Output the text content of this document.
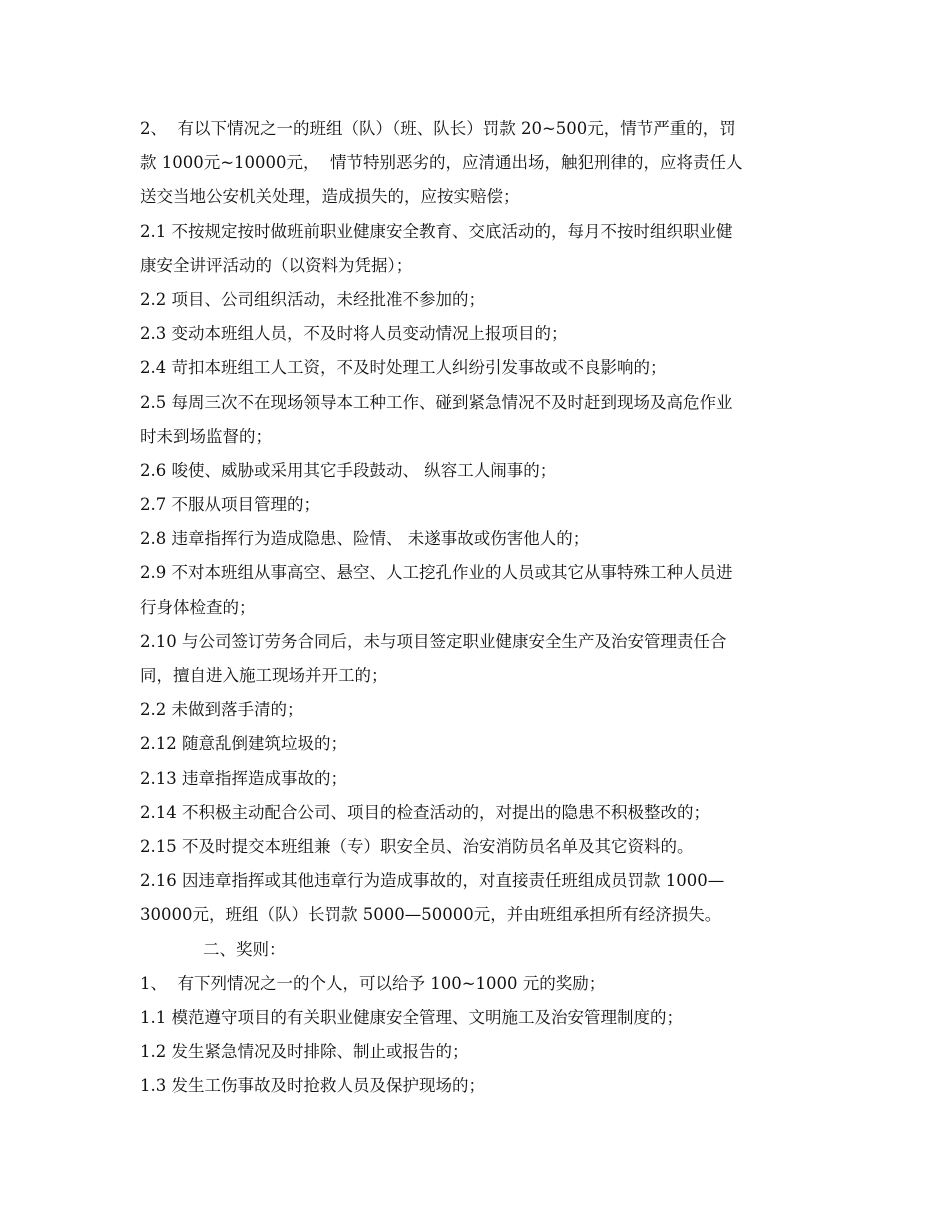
2、  有以下情况之一的班组（队）（班、队长）罚款 20~500元，情节严重的，罚
款 1000元~10000元，  情节特别恶劣的，应清通出场，触犯刑律的，应将责任人
送交当地公安机关处理，造成损失的，应按实赔偿；
2.1 不按规定按时做班前职业健康安全教育、交底活动的，每月不按时组织职业健
康安全讲评活动的（以资料为凭据）；
2.2 项目、公司组织活动，未经批准不参加的；
2.3 变动本班组人员，不及时将人员变动情况上报项目的；
2.4 苛扣本班组工人工资，不及时处理工人纠纷引发事故或不良影响的；
2.5 每周三次不在现场领导本工种工作、碰到紧急情况不及时赶到现场及高危作业
时未到场监督的；
2.6 唆使、威胁或采用其它手段鼓动、 纵容工人闹事的；
2.7 不服从项目管理的；
2.8 违章指挥行为造成隐患、险情、 未遂事故或伤害他人的；
2.9 不对本班组从事高空、悬空、人工挖孔作业的人员或其它从事特殊工种人员进
行身体检查的；
2.10 与公司签订劳务合同后，未与项目签定职业健康安全生产及治安管理责任合
同，擅自进入施工现场并开工的；
2.2 未做到落手清的；
2.12 随意乱倒建筑垃圾的；
2.13 违章指挥造成事故的；
2.14 不积极主动配合公司、项目的检查活动的，对提出的隐患不积极整改的；
2.15 不及时提交本班组兼（专）职安全员、治安消防员名单及其它资料的。
2.16 因违章指挥或其他违章行为造成事故的，对直接责任班组成员罚款 1000—
30000元，班组（队）长罚款 5000—50000元，并由班组承担所有经济损失。
二、奖则：
1、  有下列情况之一的个人，可以给予 100~1000 元的奖励；
1.1 模范遵守项目的有关职业健康安全管理、文明施工及治安管理制度的；
1.2 发生紧急情况及时排除、制止或报告的；
1.3 发生工伤事故及时抢救人员及保护现场的；
